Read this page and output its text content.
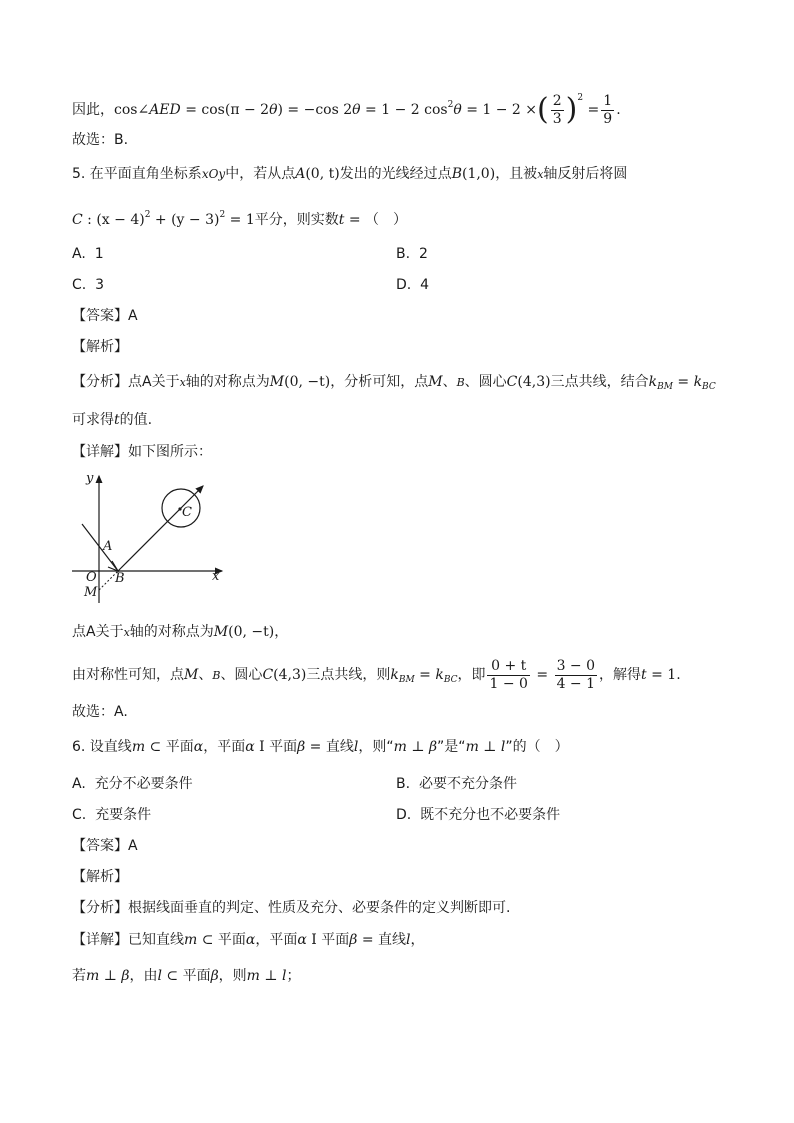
因此，cos∠AED = cos(π − 2θ) = −cos 2θ = 1 − 2 $\cos^2\theta = 1 - 2$ ×( $\frac{2}{3} )^2 = \frac{1}{9}$ .
故选：B.
5. 在平面直角坐标系xOy中，若从点A(0, t)发出的光线经过点B(1,0)，且被x轴反射后将圆
C : $(x - 4)^2 + (y - 3)^2 = 1$平分，则实数t = （　）
A. 1	B. 2
C. 3	D. 4
【答案】A
【解析】
【分析】点A关于x轴的对称点为M(0, −t)，分析可知，点M、B、圆心C(4,3)三点共线，结合$k_{BM} = k_{BC}$
可求得t的值.
【详解】如下图所示：
y
x
O
A
B
M
C
点A关于x轴的对称点为M(0, −t)，
由对称性可知，点M、B、圆心C(4,3)三点共线，则$k_{BM} = k_{BC}$，即 $\frac{0 + t}{1 - 0} = \frac{3 - 0}{4 - 1}$ ，解得t = 1.
故选：A.
6. 设直线m ⊂ 平面α，平面α I 平面β = 直线l，则“m ⊥ β”是“m ⊥ l”的（　）
A. 充分不必要条件	B. 必要不充分条件
C. 充要条件	D. 既不充分也不必要条件
【答案】A
【解析】
【分析】根据线面垂直的判定、性质及充分、必要条件的定义判断即可.
【详解】已知直线m ⊂ 平面α，平面α I 平面β = 直线l，
若m ⊥ β，由l ⊂ 平面β，则m ⊥ l；
